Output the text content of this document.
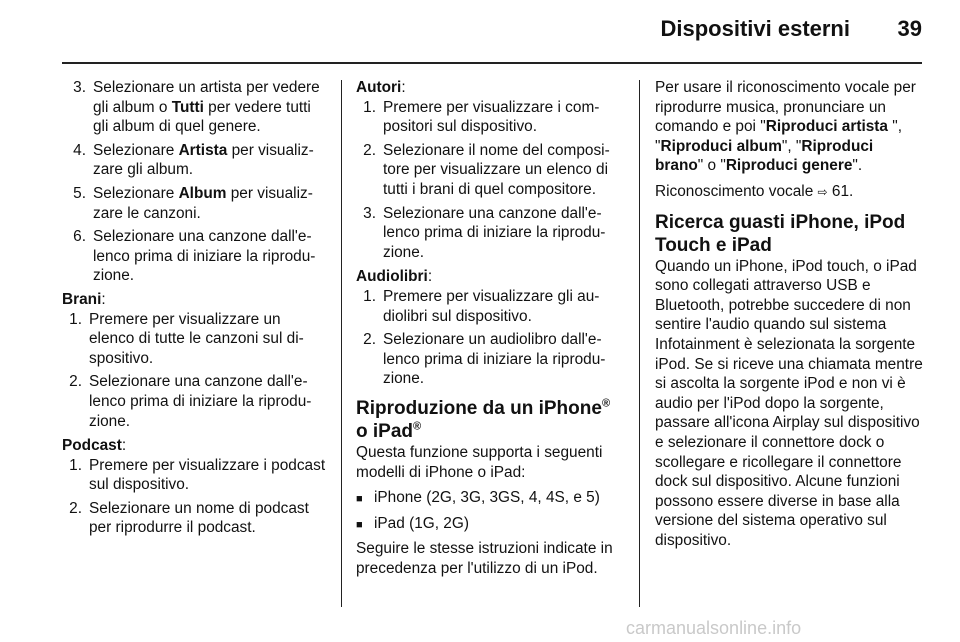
Dispositivi esterni 39
3. Selezionare un artista per vedere gli album o Tutti per vedere tutti gli album di quel genere.
4. Selezionare Artista per visualizzare gli album.
5. Selezionare Album per visualizzare le canzoni.
6. Selezionare una canzone dall'elenco prima di iniziare la riproduzione.

Brani:

1. Premere per visualizzare un elenco di tutte le canzoni sul dispositivo.
2. Selezionare una canzone dall'elenco prima di iniziare la riproduzione.

Podcast:

1. Premere per visualizzare i podcast sul dispositivo.
2. Selezionare un nome di podcast per riprodurre il podcast.

Autori:

1. Premere per visualizzare i compositori sul dispositivo.
2. Selezionare il nome del compositore per visualizzare un elenco di tutti i brani di quel compositore.
3. Selezionare una canzone dall'elenco prima di iniziare la riproduzione.

Audiolibri:

1. Premere per visualizzare gli audiolibri sul dispositivo.
2. Selezionare un audiolibro dall'elenco prima di iniziare la riproduzione.
Riproduzione da un iPhone® o iPad®

Questa funzione supporta i seguenti modelli di iPhone o iPad:

■ iPhone (2G, 3G, 3GS, 4, 4S, e 5)
■ iPad (1G, 2G)

Seguire le stesse istruzioni indicate in precedenza per l'utilizzo di un iPod.

Per usare il riconoscimento vocale per riprodurre musica, pronunciare un comando e poi "Riproduci artista ", "Riproduci album", "Riproduci brano" o "Riproduci genere".

Riconoscimento vocale ⇨ 61.

Ricerca guasti iPhone, iPod Touch e iPad

Quando un iPhone, iPod touch, o iPad sono collegati attraverso USB e Bluetooth, potrebbe succedere di non sentire l'audio quando sul sistema Infotainment è selezionata la sorgente iPod. Se si riceve una chiamata mentre si ascolta la sorgente iPod e non vi è audio per l'iPod dopo la sorgente, passare all'icona Airplay sul dispositivo e selezionare il connettore dock o scollegare e ricollegare il connettore dock sul dispositivo. Alcune funzioni possono essere diverse in base alla versione del sistema operativo sul dispositivo.

carmanualsonline.info
